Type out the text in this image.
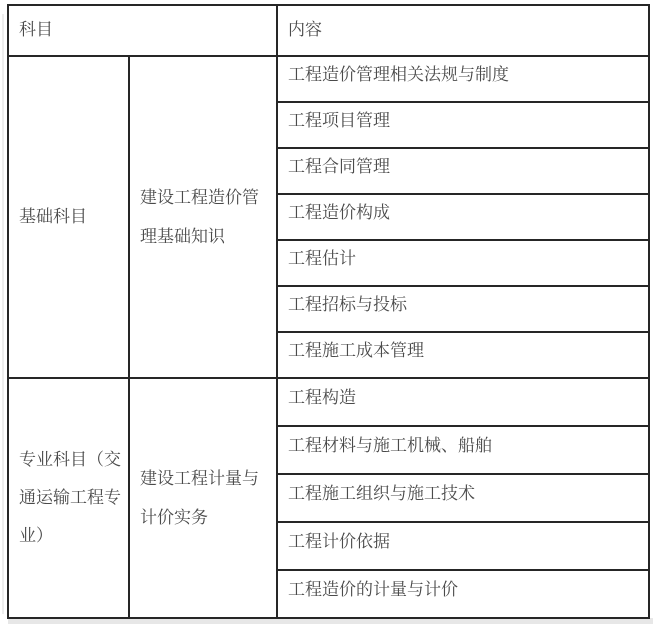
科目		内容
基础科目	建设工程造价管理基础知识	工程造价管理相关法规与制度
		工程项目管理
		工程合同管理
		工程造价构成
		工程估计
		工程招标与投标
		工程施工成本管理
专业科目（交通运输工程专业）	建设工程计量与计价实务	工程构造
		工程材料与施工机械、船舶
		工程施工组织与施工技术
		工程计价依据
		工程造价的计量与计价
